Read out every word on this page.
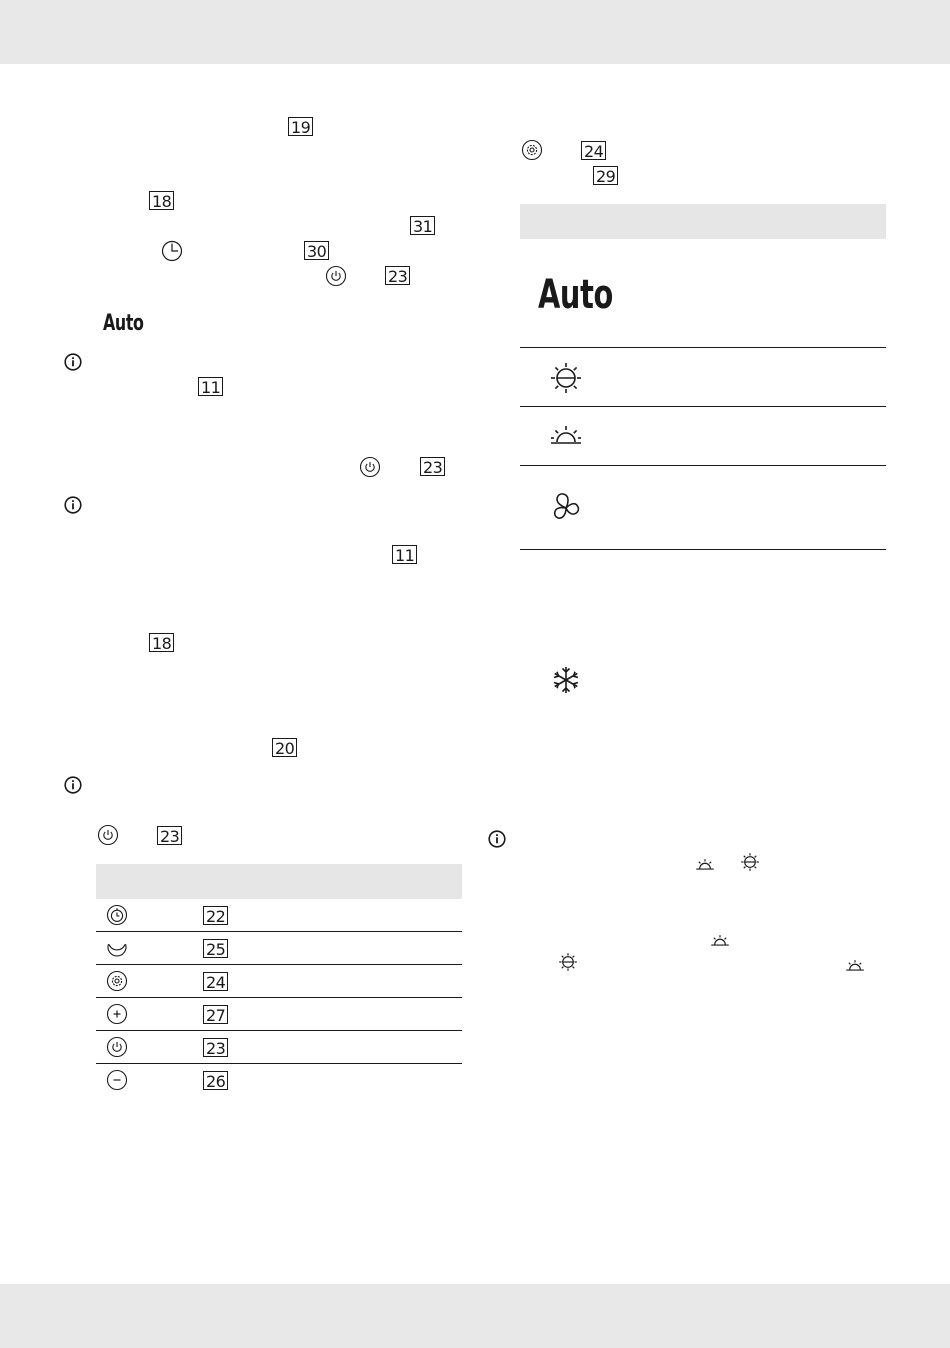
19
18
31
30
23
Auto
11
23
11
18
20
23
22
25
24
27
23
26
24
29
Auto
